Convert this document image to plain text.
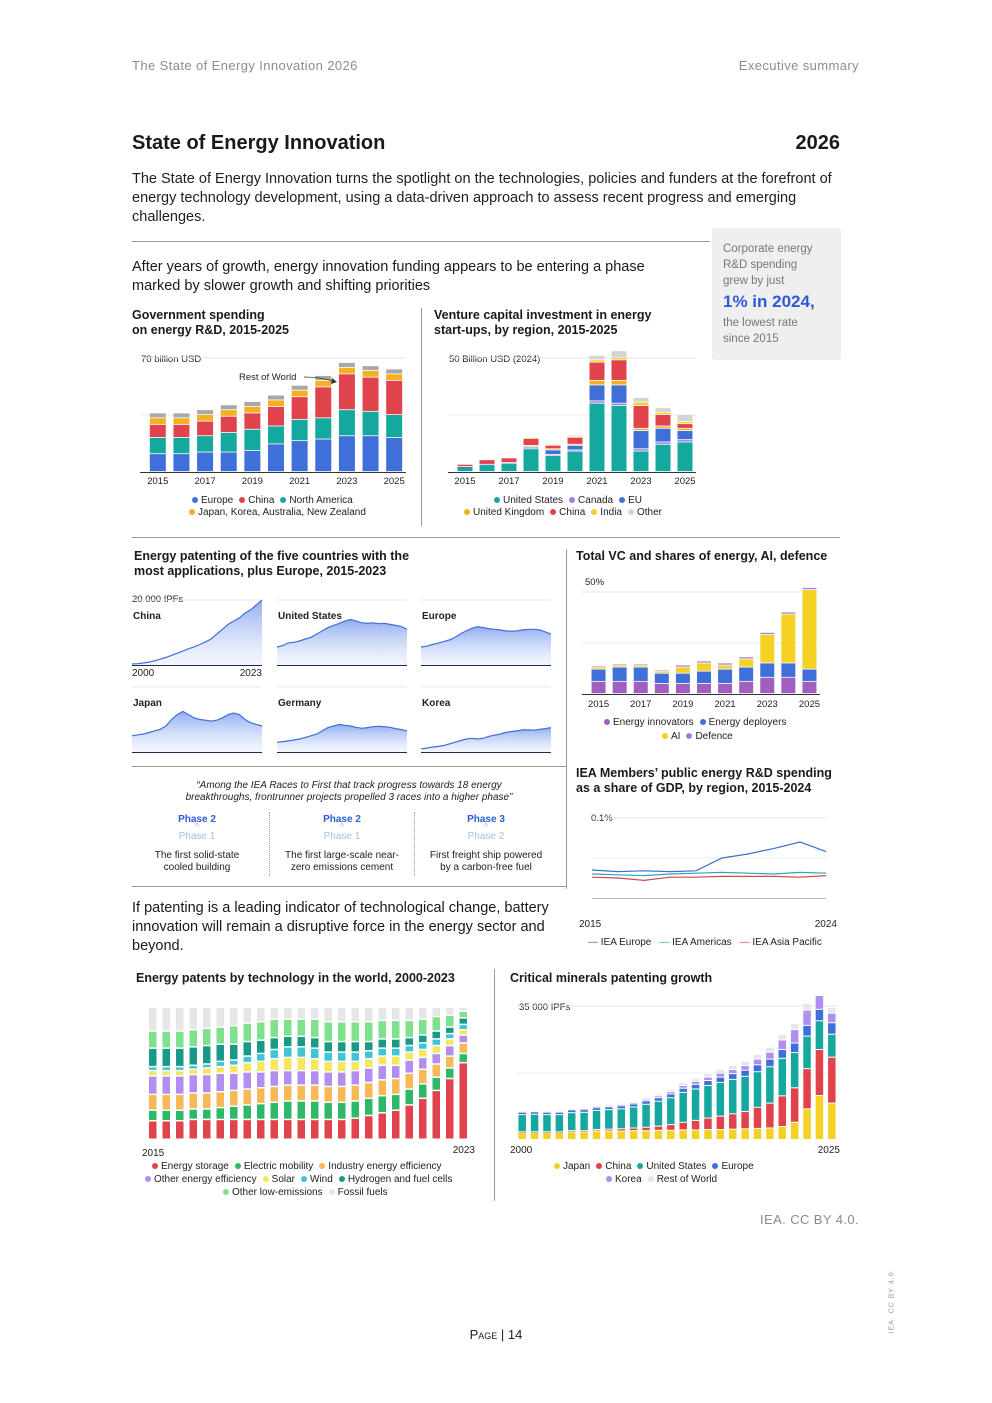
The State of Energy Innovation 2026	Executive summary
State of Energy Innovation	2026
The State of Energy Innovation turns the spotlight on the technologies, policies and funders at the forefront of energy technology development, using a data-driven approach to assess recent progress and emerging challenges.
Corporate energy
R&D spending
grew by just
1% in 2024,
the lowest rate
since 2015
After years of growth, energy innovation funding appears to be entering a phase marked by slower growth and shifting priorities
Government spending
on energy R&D, 2015-2025
70 billion USD
2015	2017	2019	2021	2023	2025
Rest of World
Europe China North America
Japan, Korea, Australia, New Zealand
Venture capital investment in energy
start-ups, by region, 2015-2025
50 Billion USD (2024)
2015 2017 2019 2021 2023 2025
United States Canada EU
United Kingdom China India Other
Energy patenting of the five countries with the
most applications, plus Europe, 2015-2023
20 000 IPFs
China	United States	Europe
Japan	Germany	Korea
2000	2023
Total VC and shares of energy, AI, defence
50%
2015 2017 2019 2021 2023 2025
Energy innovators Energy deployers
AI Defence
“Among the IEA Races to First that track progress towards 18 energy
breakthroughs, frontrunner projects propelled 3 races into a higher phase”
Phase 2
^
Phase 1
The first solid-state
cooled building
Phase 2
^
Phase 1
The first large-scale near-
zero emissions cement
Phase 3
^
Phase 2
First freight ship powered
by a carbon-free fuel
IEA Members’ public energy R&D spending
as a share of GDP, by region, 2015-2024
0.1%
2015	2024
— IEA Europe — IEA Americas — IEA Asia Pacific
If patenting is a leading indicator of technological change, battery innovation will remain a disruptive force in the energy sector and beyond.
Energy patents by technology in the world, 2000-2023
2015	2023
Energy storage Electric mobility Industry energy efficiency
Other energy efficiency Solar Wind Hydrogen and fuel cells
Other low-emissions Fossil fuels
Critical minerals patenting growth
35 000 IPFs
2000	2025
Japan China United States Europe
Korea Rest of World
IEA. CC BY 4.0.
Page | 14
IEA. CC BY 4.0.
